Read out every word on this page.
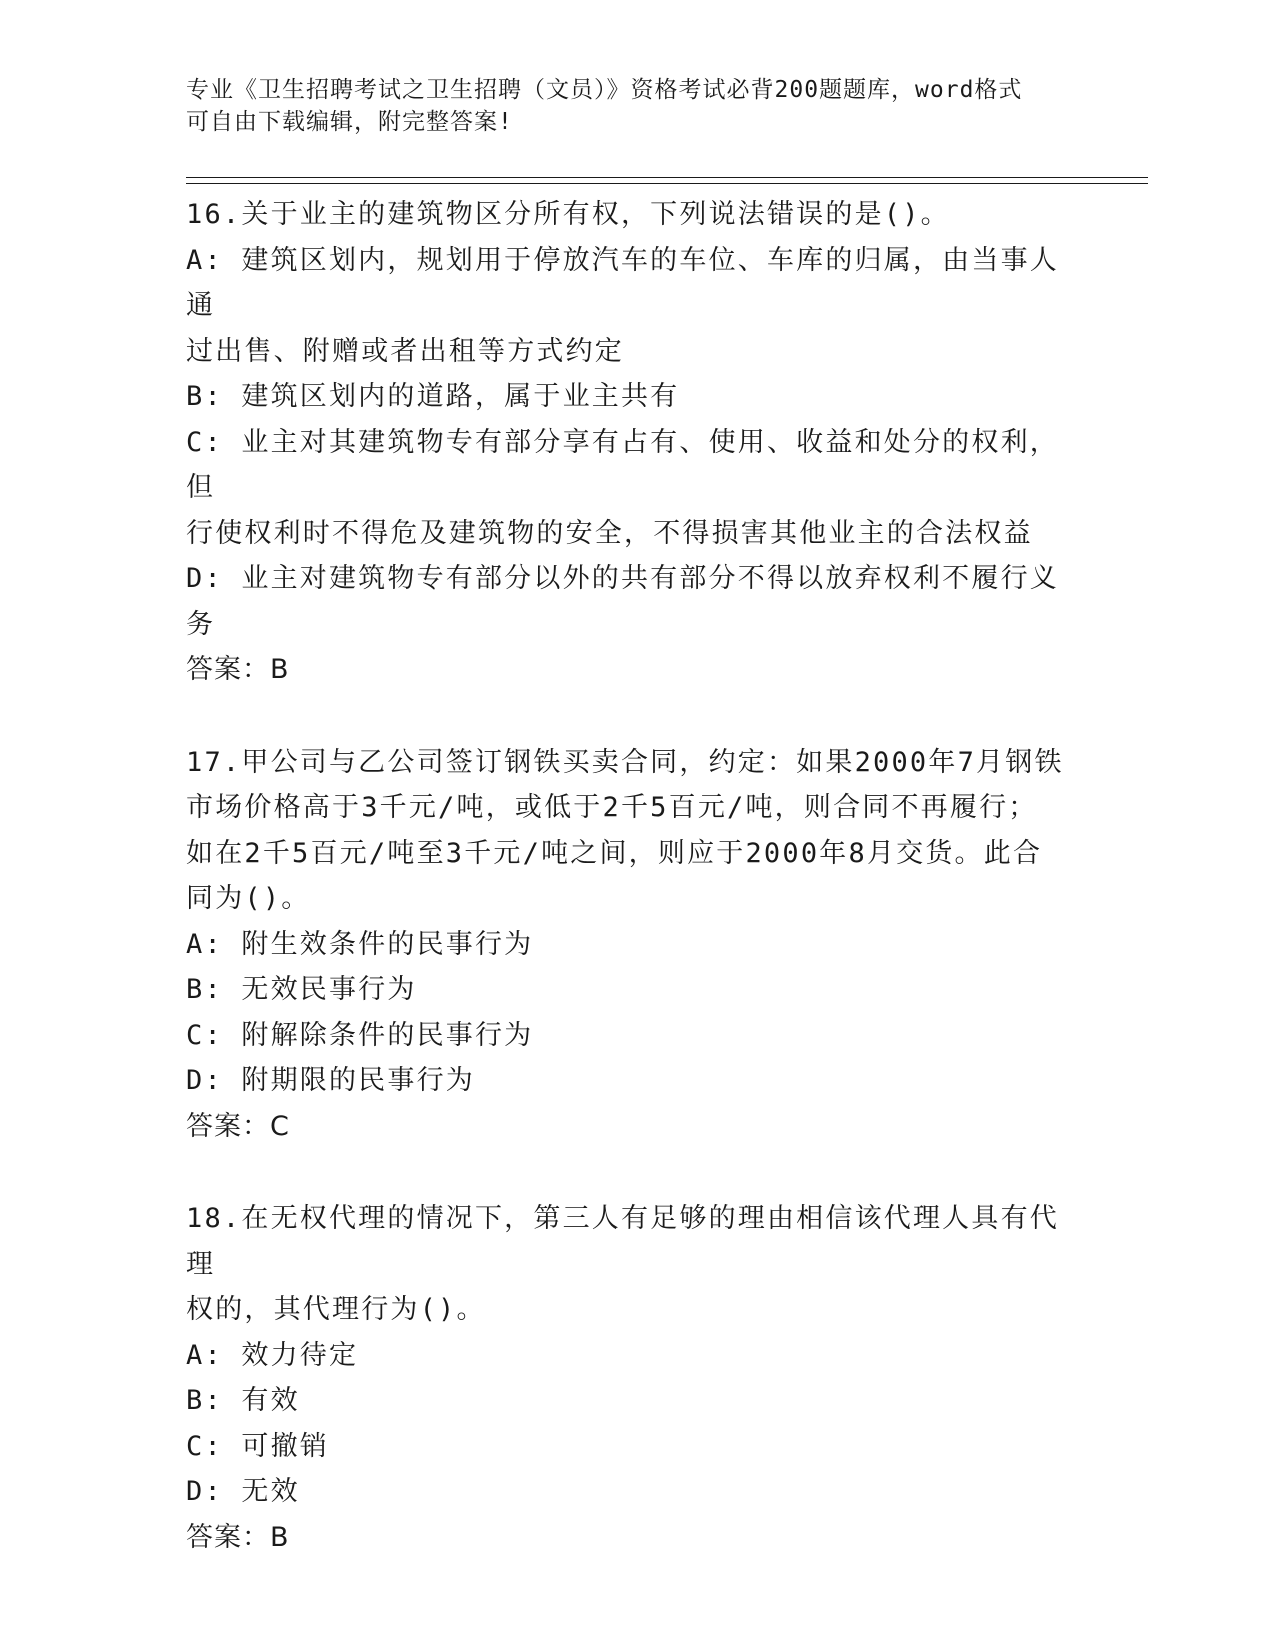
专业《卫生招聘考试之卫生招聘（文员）》资格考试必背200题题库，word格式
可自由下载编辑，附完整答案!
16.关于业主的建筑物区分所有权，下列说法错误的是()。
A: 建筑区划内，规划用于停放汽车的车位、车库的归属，由当事人通
过出售、附赠或者出租等方式约定
B: 建筑区划内的道路，属于业主共有
C: 业主对其建筑物专有部分享有占有、使用、收益和处分的权利，但
行使权利时不得危及建筑物的安全，不得损害其他业主的合法权益
D: 业主对建筑物专有部分以外的共有部分不得以放弃权利不履行义务
答案：B
17.甲公司与乙公司签订钢铁买卖合同，约定：如果2000年7月钢铁
市场价格高于3千元/吨，或低于2千5百元/吨，则合同不再履行；
如在2千5百元/吨至3千元/吨之间，则应于2000年8月交货。此合
同为()。
A: 附生效条件的民事行为
B: 无效民事行为
C: 附解除条件的民事行为
D: 附期限的民事行为
答案：C
18.在无权代理的情况下，第三人有足够的理由相信该代理人具有代理
权的，其代理行为()。
A: 效力待定
B: 有效
C: 可撤销
D: 无效
答案：B
